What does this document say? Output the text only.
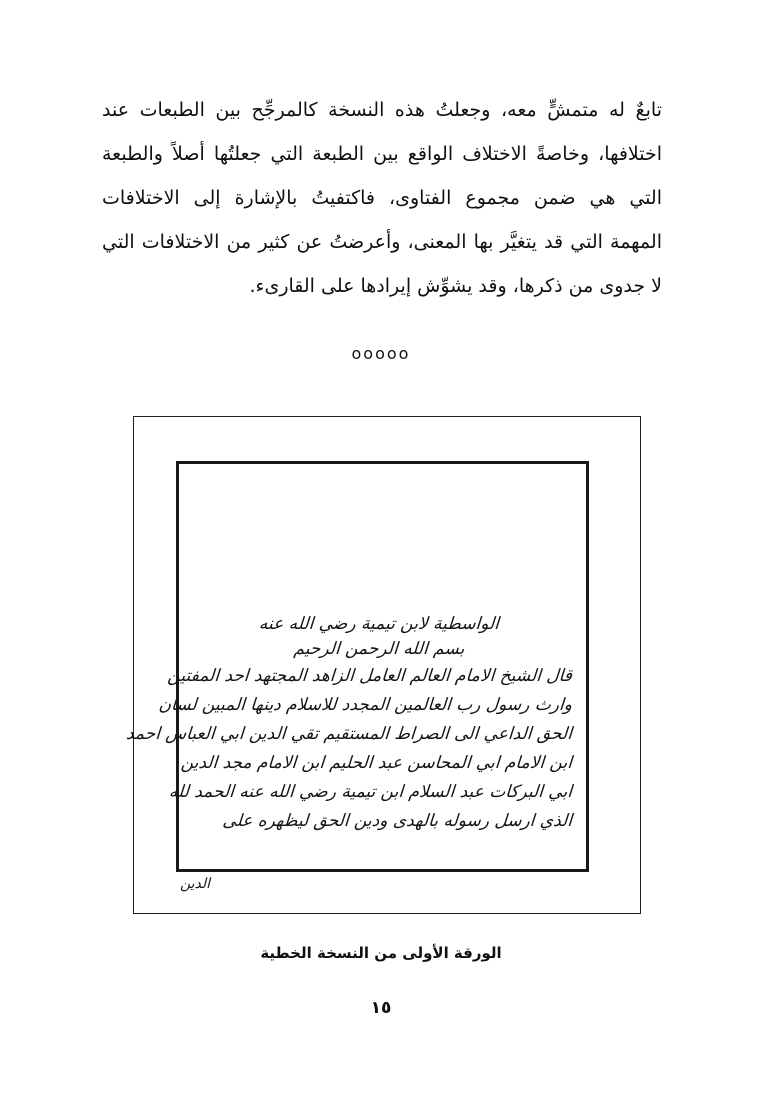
تابعٌ له متمشٍّ معه، وجعلتُ هذه النسخة كالمرجِّح بين الطبعات عند
اختلافها، وخاصةً الاختلاف الواقع بين الطبعة التي جعلتُها أصلاً والطبعة
التي هي ضمن مجموع الفتاوى، فاكتفيتُ بالإشارة إلى الاختلافات
المهمة التي قد يتغيَّر بها المعنى، وأعرضتُ عن كثير من الاختلافات التي
لا جدوى من ذكرها، وقد يشوِّش إيرادها على القارىء.
ooooo
الواسطية لابن تيمية رضي الله عنه
بسم الله الرحمن الرحيم
قال الشيخ الامام العالم العامل الزاهد المجتهد احد المفتين
وارث رسول رب العالمين المجدد للاسلام دينها المبين لسان
الحق الداعي الى الصراط المستقيم تقي الدين ابي العباس احمد
ابن الامام ابي المحاسن عبد الحليم ابن الامام مجد الدين
ابي البركات عبد السلام ابن تيمية رضي الله عنه الحمد لله
الذي ارسل رسوله بالهدى ودين الحق ليظهره على
الدين
الورقة الأولى من النسخة الخطية
١٥
